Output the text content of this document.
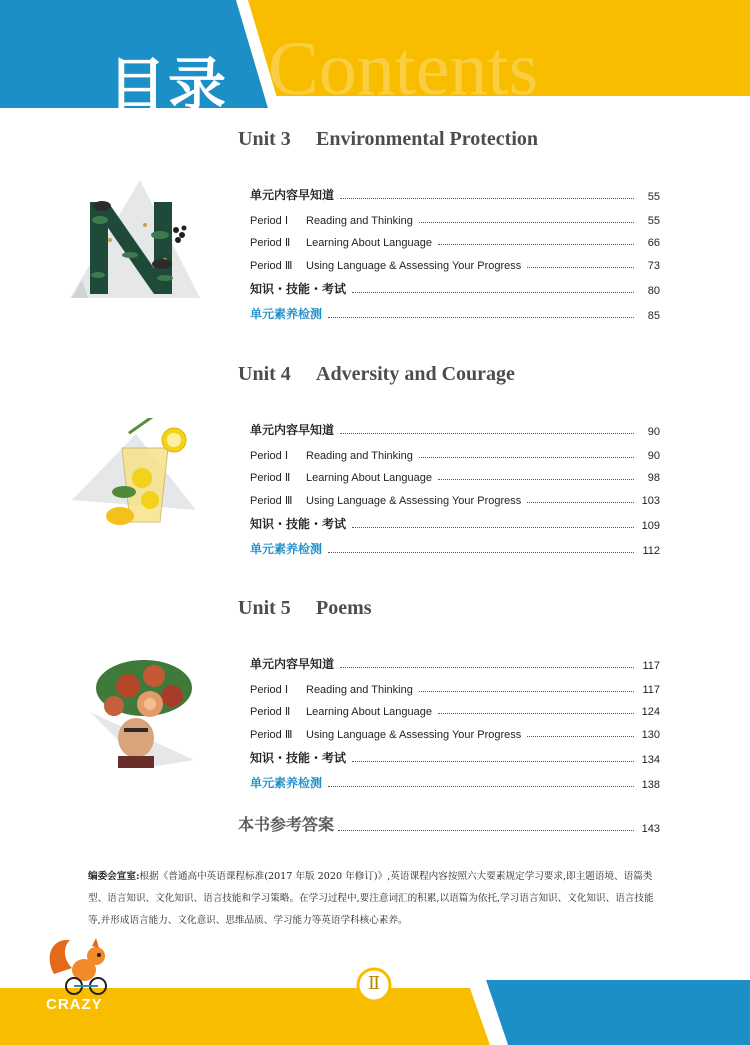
Contents
目录
Unit 3 Environmental Protection
单元内容早知道	55
Period Ⅰ	Reading and Thinking	55
Period Ⅱ	Learning About Language	66
Period Ⅲ	Using Language & Assessing Your Progress	73
知识・技能・考试	80
单元素养检测	85
Unit 4 Adversity and Courage
单元内容早知道	90
Period Ⅰ	Reading and Thinking	90
Period Ⅱ	Learning About Language	98
Period Ⅲ	Using Language & Assessing Your Progress	103
知识・技能・考试	109
单元素养检测	112
Unit 5 Poems
单元内容早知道	117
Period Ⅰ	Reading and Thinking	117
Period Ⅱ	Learning About Language	124
Period Ⅲ	Using Language & Assessing Your Progress	130
知识・技能・考试	134
单元素养检测	138
本书参考答案	143
编委会宣室:根据《普通高中英语课程标准(2017 年版 2020 年修订)》,英语课程内容按照六大要素规定学习要求,即主题语境、语篇类型、语言知识、文化知识、语言技能和学习策略。在学习过程中,要注意词汇的积累,以语篇为依托,学习语言知识、文化知识、语言技能等,并形成语言能力、文化意识、思维品质、学习能力等英语学科核心素养。
Ⅱ
CRAZY
